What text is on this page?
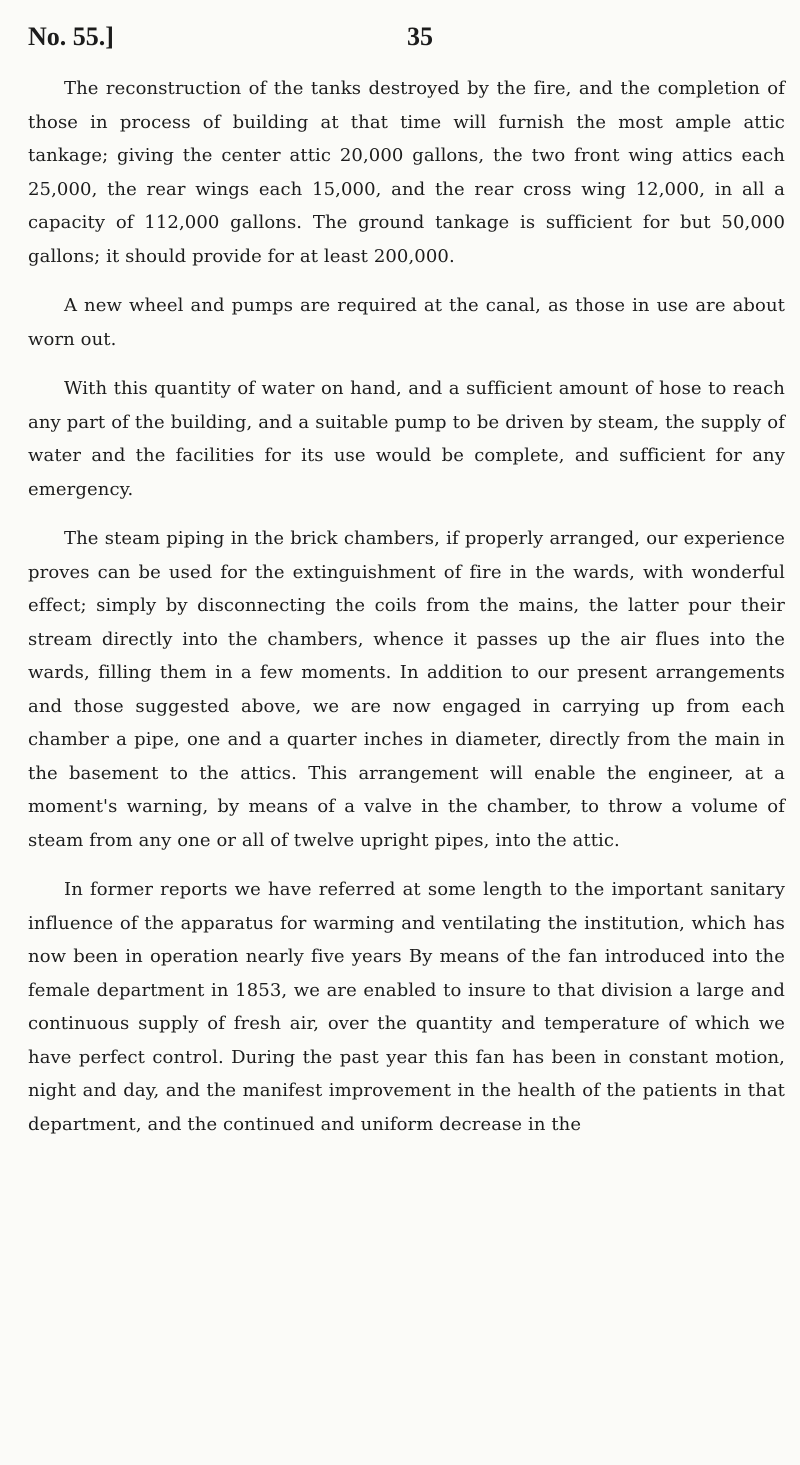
No. 55.]	35

The reconstruction of the tanks destroyed by the fire, and the completion of those in process of building at that time will furnish the most ample attic tankage; giving the center attic 20,000 gallons, the two front wing attics each 25,000, the rear wings each 15,000, and the rear cross wing 12,000, in all a capacity of 112,000 gallons. The ground tankage is sufficient for but 50,000 gallons; it should provide for at least 200,000.

A new wheel and pumps are required at the canal, as those in use are about worn out.

With this quantity of water on hand, and a sufficient amount of hose to reach any part of the building, and a suitable pump to be driven by steam, the supply of water and the facilities for its use would be complete, and sufficient for any emergency.

The steam piping in the brick chambers, if properly arranged, our experience proves can be used for the extinguishment of fire in the wards, with wonderful effect; simply by disconnecting the coils from the mains, the latter pour their stream directly into the chambers, whence it passes up the air flues into the wards, filling them in a few moments. In addition to our present arrangements and those suggested above, we are now engaged in carrying up from each chamber a pipe, one and a quarter inches in diameter, directly from the main in the basement to the attics. This arrangement will enable the engineer, at a moment's warning, by means of a valve in the chamber, to throw a volume of steam from any one or all of twelve upright pipes, into the attic.

In former reports we have referred at some length to the important sanitary influence of the apparatus for warming and ventilating the institution, which has now been in operation nearly five years By means of the fan introduced into the female department in 1853, we are enabled to insure to that division a large and continuous supply of fresh air, over the quantity and temperature of which we have perfect control. During the past year this fan has been in constant motion, night and day, and the manifest improvement in the health of the patients in that department, and the continued and uniform decrease in the
